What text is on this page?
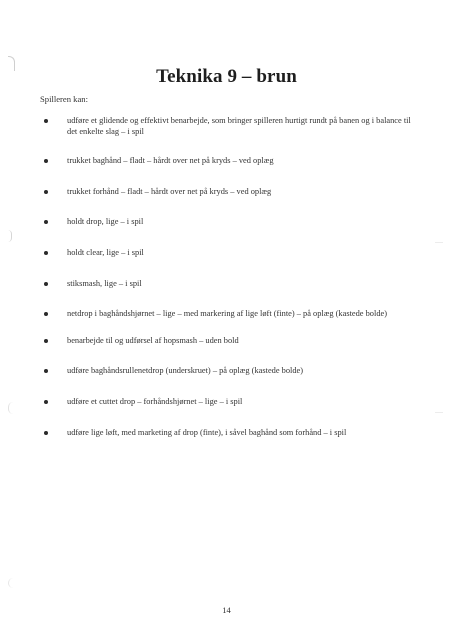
Teknika 9 – brun
Spilleren kan:
udføre et glidende og effektivt benarbejde, som bringer spilleren hurtigt rundt på banen og i balance til det enkelte slag – i spil
trukket baghånd – fladt – hårdt over net på kryds – ved oplæg
trukket forhånd – fladt – hårdt over net på kryds – ved oplæg
holdt drop, lige – i spil
holdt clear, lige – i spil
stiksmash, lige – i spil
netdrop i baghåndshjørnet – lige – med markering af lige løft (finte) – på oplæg (kastede bolde)
benarbejde til og udførsel af hopsmash – uden bold
udføre baghåndsrullenetdrop (underskruet) – på oplæg (kastede bolde)
udføre et cuttet drop – forhåndshjørnet – lige – i spil
udføre lige løft, med marketing af drop (finte), i såvel baghånd som forhånd – i spil
14
